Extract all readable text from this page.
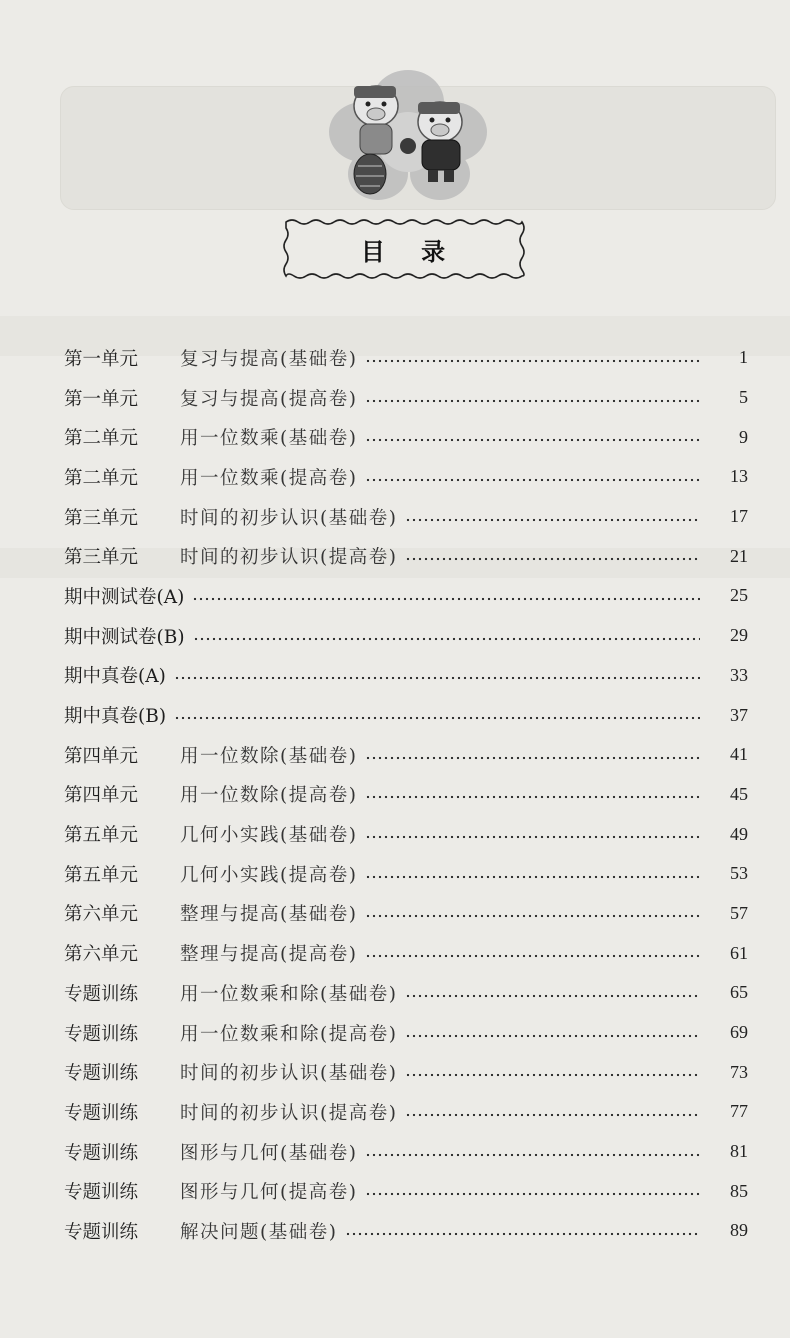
目 录
第一单元	复习与提高(基础卷)	1
第一单元	复习与提高(提高卷)	5
第二单元	用一位数乘(基础卷)	9
第二单元	用一位数乘(提高卷)	13
第三单元	时间的初步认识(基础卷)	17
第三单元	时间的初步认识(提高卷)	21
期中测试卷(A)	25
期中测试卷(B)	29
期中真卷(A)	33
期中真卷(B)	37
第四单元	用一位数除(基础卷)	41
第四单元	用一位数除(提高卷)	45
第五单元	几何小实践(基础卷)	49
第五单元	几何小实践(提高卷)	53
第六单元	整理与提高(基础卷)	57
第六单元	整理与提高(提高卷)	61
专题训练	用一位数乘和除(基础卷)	65
专题训练	用一位数乘和除(提高卷)	69
专题训练	时间的初步认识(基础卷)	73
专题训练	时间的初步认识(提高卷)	77
专题训练	图形与几何(基础卷)	81
专题训练	图形与几何(提高卷)	85
专题训练	解决问题(基础卷)	89
